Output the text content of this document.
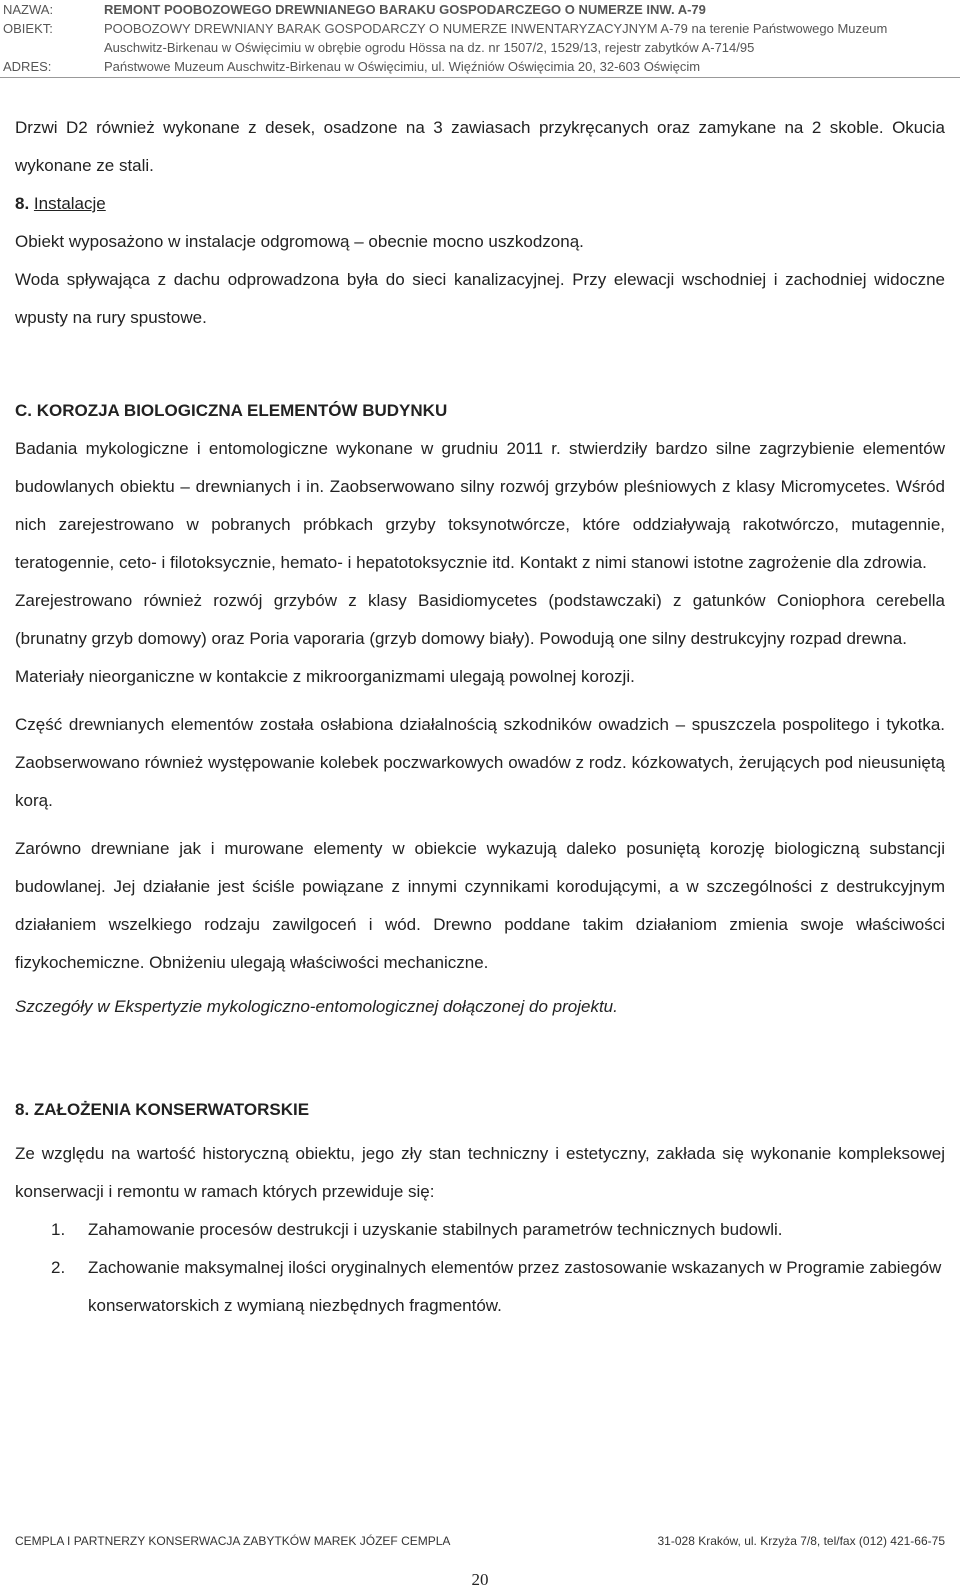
NAZWA:	REMONT POOBOZOWEGO DREWNIANEGO BARAKU GOSPODARCZEGO O NUMERZE INW. A-79
OBIEKT:	POOBOZOWY DREWNIANY BARAK GOSPODARCZY O NUMERZE INWENTARYZACYJNYM A-79 na terenie Państwowego Muzeum
Auschwitz-Birkenau w Oświęcimiu w obrębie ogrodu Hössa na dz. nr 1507/2, 1529/13, rejestr zabytków A-714/95
ADRES:	Państwowe Muzeum Auschwitz-Birkenau w Oświęcimiu, ul. Więźniów Oświęcimia 20, 32-603 Oświęcim

Drzwi D2 również wykonane z desek, osadzone na 3 zawiasach przykręcanych oraz zamykane na 2 skoble. Okucia wykonane ze stali.

8. Instalacje

Obiekt wyposażono w instalacje odgromową – obecnie mocno uszkodzoną.

Woda spływająca z dachu odprowadzona była do sieci kanalizacyjnej. Przy elewacji wschodniej i zachodniej widoczne wpusty na rury spustowe.

C. KOROZJA BIOLOGICZNA ELEMENTÓW BUDYNKU

Badania mykologiczne i entomologiczne wykonane w grudniu 2011 r. stwierdziły bardzo silne zagrzybienie elementów budowlanych obiektu – drewnianych i in. Zaobserwowano silny rozwój grzybów pleśniowych z klasy Micromycetes. Wśród nich zarejestrowano w pobranych próbkach grzyby toksynotwórcze, które oddziaływają rakotwórczo, mutagennie, teratogennie, ceto- i filotoksycznie, hemato- i hepatotoksycznie itd. Kontakt z nimi stanowi istotne zagrożenie dla zdrowia.

Zarejestrowano również rozwój grzybów z klasy Basidiomycetes (podstawczaki) z gatunków Coniophora cerebella (brunatny grzyb domowy) oraz Poria vaporaria (grzyb domowy biały). Powodują one silny destrukcyjny rozpad drewna.

Materiały nieorganiczne w kontakcie z mikroorganizmami ulegają powolnej korozji.

Część drewnianych elementów została osłabiona działalnością szkodników owadzich – spuszczela pospolitego i tykotka. Zaobserwowano również występowanie kolebek poczwarkowych owadów z rodz. kózkowatych, żerujących pod nieusuniętą korą.

Zarówno drewniane jak i murowane elementy w obiekcie wykazują daleko posuniętą korozję biologiczną substancji budowlanej. Jej działanie jest ściśle powiązane z innymi czynnikami korodującymi, a w szczególności z destrukcyjnym działaniem wszelkiego rodzaju zawilgoceń i wód. Drewno poddane takim działaniom zmienia swoje właściwości fizykochemiczne. Obniżeniu ulegają właściwości mechaniczne.

Szczegóły w Ekspertyzie mykologiczno-entomologicznej dołączonej do projektu.

8. ZAŁOŻENIA KONSERWATORSKIE

Ze względu na wartość historyczną obiektu, jego zły stan techniczny i estetyczny, zakłada się wykonanie kompleksowej konserwacji i remontu w ramach których przewiduje się:

1. Zahamowanie procesów destrukcji i uzyskanie stabilnych parametrów technicznych budowli.
2. Zachowanie maksymalnej ilości oryginalnych elementów przez zastosowanie wskazanych w Programie zabiegów konserwatorskich z wymianą niezbędnych fragmentów.
CEMPLA I PARTNERZY KONSERWACJA ZABYTKÓW MAREK JÓZEF CEMPLA	31-028 Kraków, ul. Krzyża 7/8, tel/fax (012) 421-66-75
20
